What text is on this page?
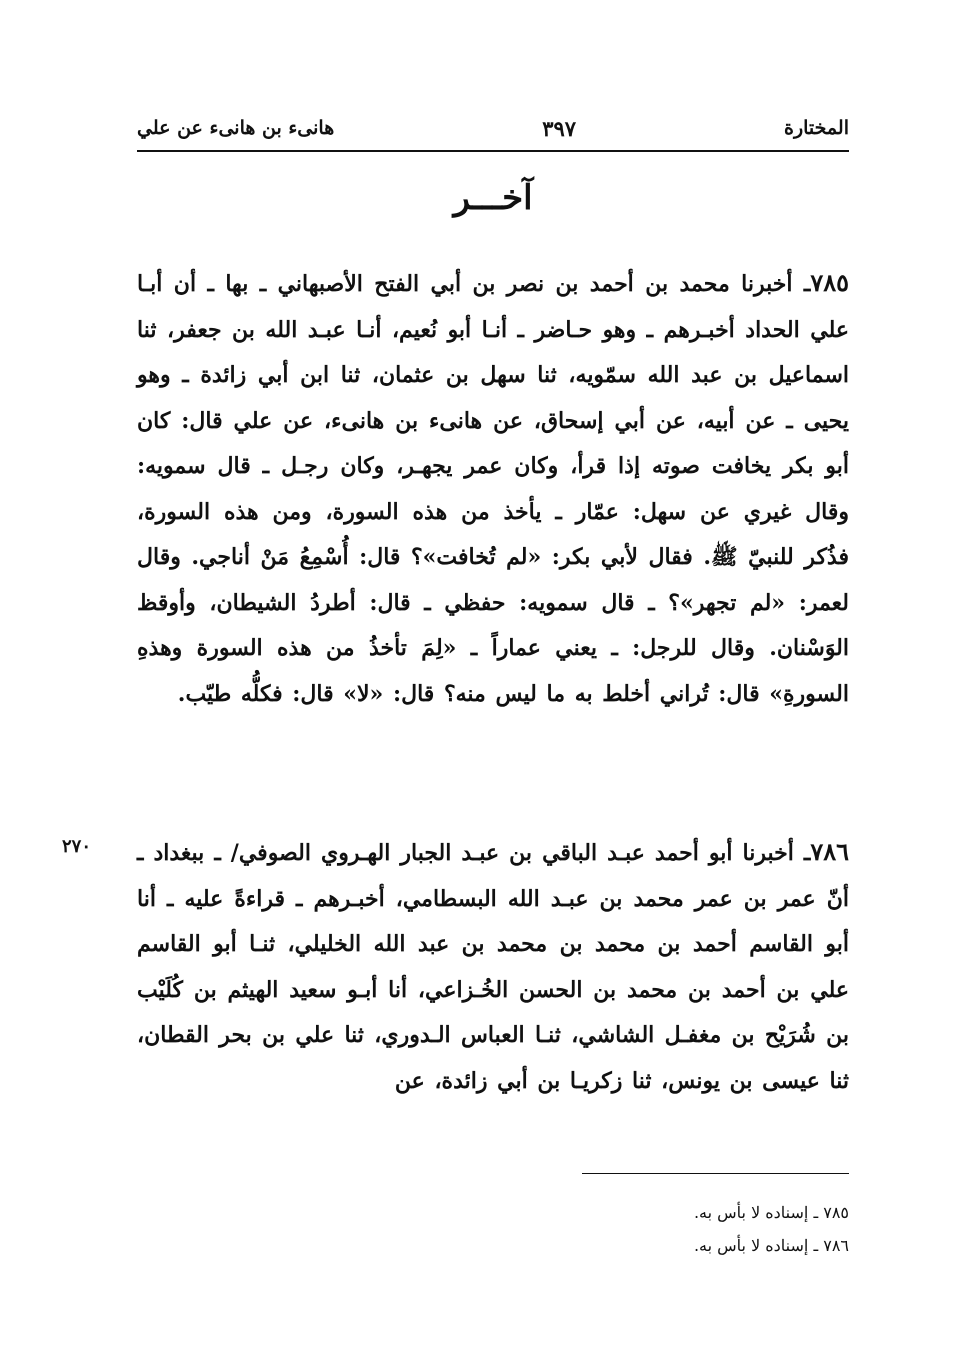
المختارة
٣٩٧
هانىء بن هانىء عن علي
آخـــر
٧٨٥ـ أخبرنا محمد بن أحمد بن نصر بن أبي الفتح الأصبهاني ـ بها ـ أن أبـا علي الحداد أخبـرهم ـ وهو حـاضر ـ أنـا أبو نُعيم، أنـا عبـد الله بن جعفر، ثنا اسماعيل بن عبد الله سمّويه، ثنا سهل بن عثمان، ثنا ابن أبي زائدة ـ وهو يحيى ـ عن أبيه، عن أبي إسحاق، عن هانىء بن هانىء، عن علي قال: كان أبو بكر يخافت صوته إذا قرأ، وكان عمر يجهـر، وكان رجـل ـ قال سمويه: وقال غيري عن سهل: عمّار ـ يأخذ من هذه السورة، ومن هذه السورة، فذُكر للنبيّ ﷺ. فقال لأبي بكر: «لم تُخافت»؟ قال: أُسْمِعُ مَنْ أناجي. وقال لعمر: «لم تجهر»؟ ـ قال سمويه: حفظي ـ قال: أطردُ الشيطان، وأوقظ الوَسْنان. وقال للرجل: ـ يعني عماراً ـ «لِمَ تأخذُ من هذه السورة وهذهِ السورةِ» قال: تُراني أخلط به ما ليس منه؟ قال: «لا» قال: فكلُّه طيّب.
٢٧٠	٧٨٦ـ أخبرنا أبو أحمد عبـد الباقي بن عبـد الجبار الهـروي الصوفي/ ـ ببغداد ـ أنّ عمر بن عمر محمد بن عبـد الله البسطامي، أخبـرهم ـ قراءةً عليه ـ أنا أبو القاسم أحمد بن محمد بن محمد بن عبد الله الخليلي، ثنـا أبو القاسم علي بن أحمد بن محمد بن الحسن الخُـزاعي، أنا أبـو سعيد الهيثم بن كُلَيْب بن شُرَيْح بن مغفـل الشاشي، ثنـا العباس الـدوري، ثنا علي بن بحر القطان، ثنا عيسى بن يونس، ثنا زكريـا بن أبي زائدة، عن
٧٨٥ ـ إسناده لا بأس به.
٧٨٦ ـ إسناده لا بأس به.
